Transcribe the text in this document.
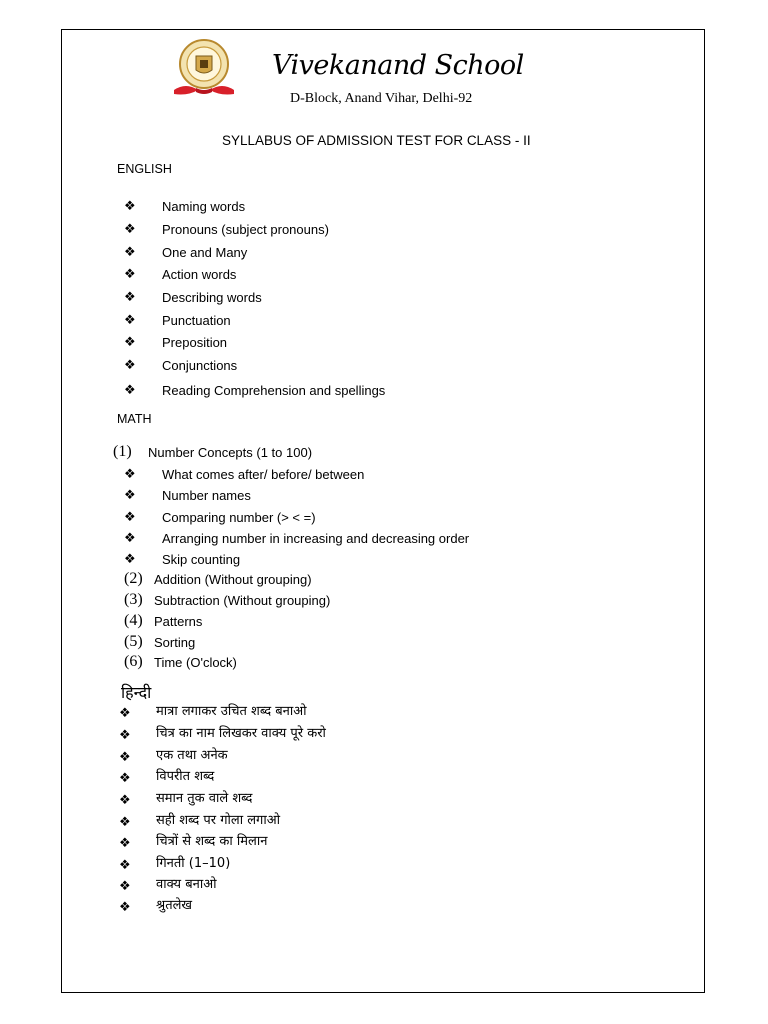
Vivekanand School
D-Block, Anand Vihar, Delhi-92
SYLLABUS OF ADMISSION TEST FOR CLASS - II
ENGLISH
❖ Naming words
❖ Pronouns (subject pronouns)
❖ One and Many
❖ Action words
❖ Describing words
❖ Punctuation
❖ Preposition
❖ Conjunctions
❖ Reading Comprehension and spellings
MATH
(1) Number Concepts (1 to 100)
❖ What comes after/ before/ between
❖ Number names
❖ Comparing number (> < =)
❖ Arranging number in increasing and decreasing order
❖ Skip counting
(2) Addition (Without grouping)
(3) Subtraction (Without grouping)
(4) Patterns
(5) Sorting
(6) Time (O'clock)
हिन्दी
❖ मात्रा लगाकर उचित शब्द बनाओ
❖ चित्र का नाम लिखकर वाक्य पूरे करो
❖ एक तथा अनेक
❖ विपरीत शब्द
❖ समान तुक वाले शब्द
❖ सही शब्द पर गोला लगाओ
❖ चित्रों से शब्द का मिलान
❖ गिनती (1–10)
❖ वाक्य बनाओ
❖ श्रुतलेख
